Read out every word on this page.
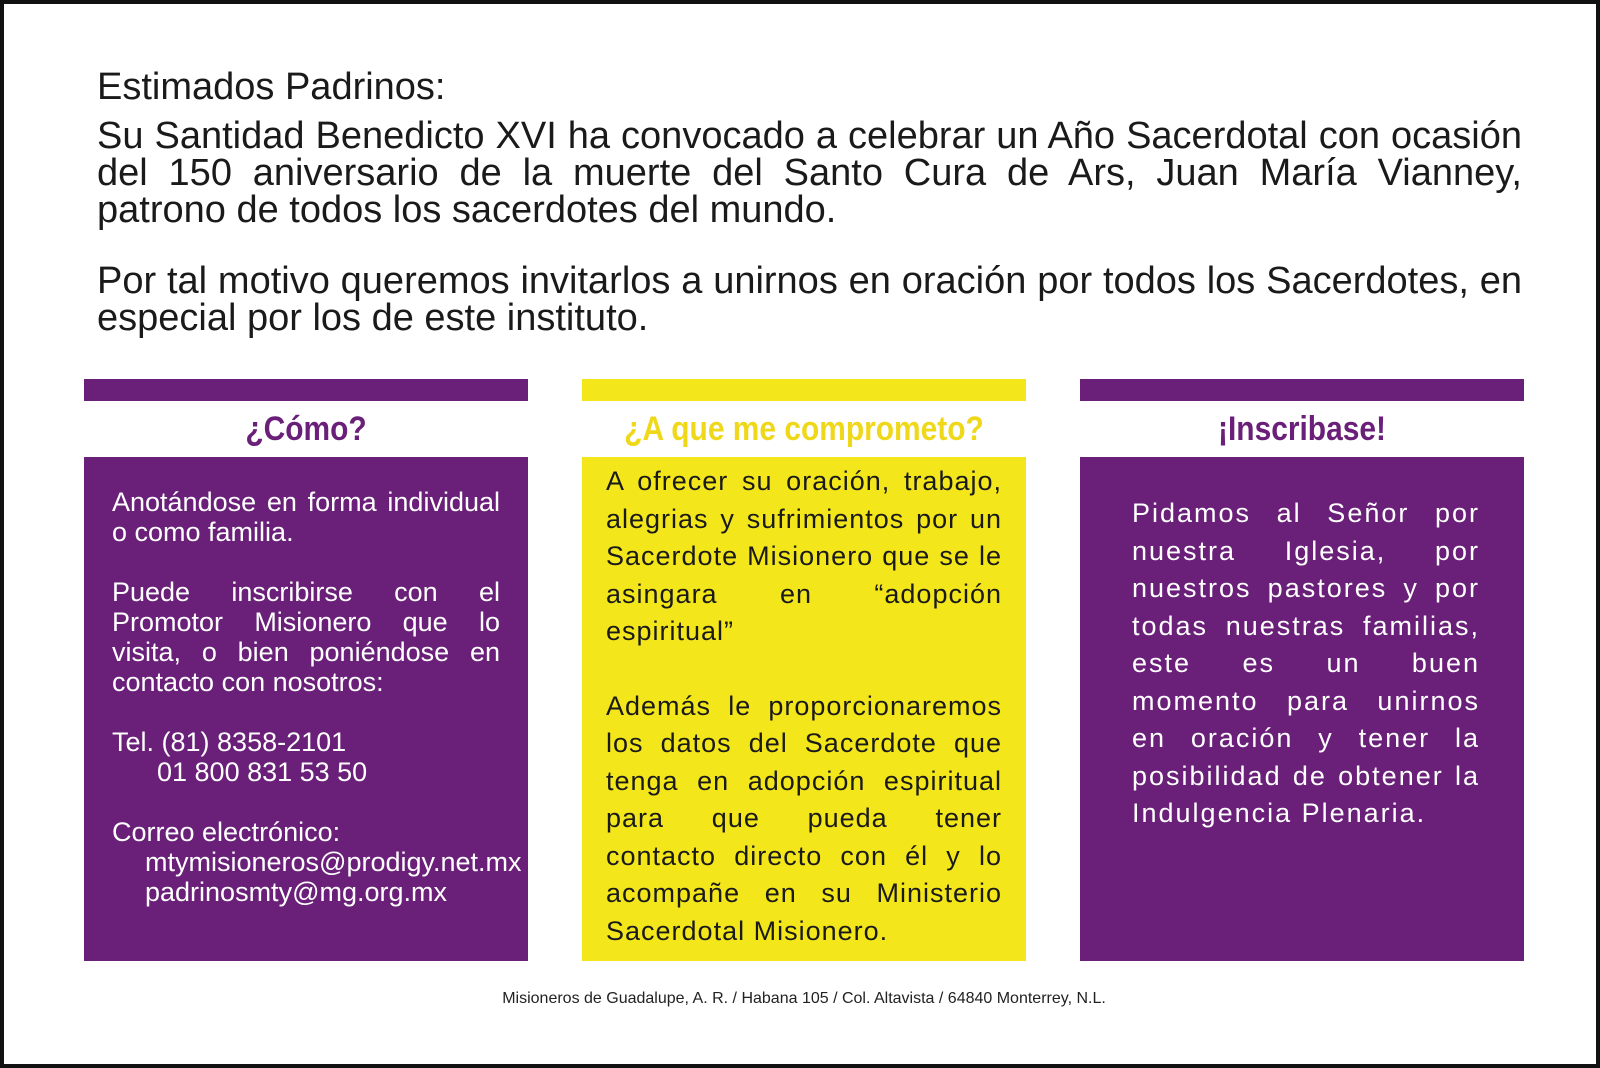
Estimados Padrinos:

Su Santidad Benedicto XVI ha convocado a celebrar un Año Sacerdotal con ocasión del 150 aniversario de la muerte del Santo Cura de Ars, Juan María Vianney, patrono de todos los sacerdotes del mundo.

Por tal motivo queremos invitarlos a unirnos en oración por todos los Sacerdotes, en especial por los de este instituto.

¿Cómo?

Anotándose en forma individual o como familia.

Puede inscribirse con el Promotor Misionero que lo visita, o bien poniéndose en contacto con nosotros:

Tel. (81) 8358-2101

01 800 831 53 50

Correo electrónico:

mtymisioneros@prodigy.net.mx

padrinosmty@mg.org.mx

¿A que me comprometo?

A ofrecer su oración, trabajo, alegrias y sufrimientos por un Sacerdote Misionero que se le asingara en “adopción espiritual”

Además le proporcionaremos los datos del Sacerdote que tenga en adopción espiritual para que pueda tener contacto directo con él y lo acompañe en su Ministerio Sacerdotal Misionero.

¡Inscribase!

Pidamos al Señor por nuestra Iglesia, por nuestros pastores y por todas nuestras familias, este es un buen momento para unirnos en oración y tener la posibilidad de obtener la Indulgencia Plenaria.

Misioneros de Guadalupe, A. R. / Habana 105 / Col. Altavista / 64840 Monterrey, N.L.
